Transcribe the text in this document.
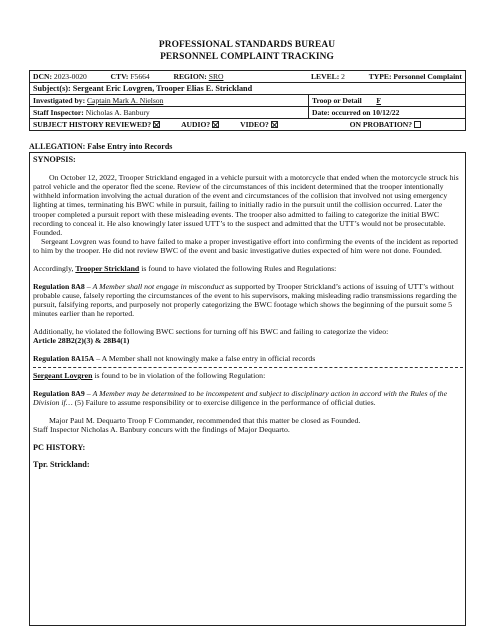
PROFESSIONAL STANDARDS BUREAU
PERSONNEL COMPLAINT TRACKING
DCN: 2023-0020 CTV: F5664 REGION: SRO LEVEL: 2 TYPE: Personnel Complaint	

Subject(s): Sergeant Eric Lovgren, Trooper Elias E. Strickland	
Investigated by: Captain Mark A. Nielson	Troop or Detail F
Staff Inspector: Nicholas A. Banbury	Date: occurred on 10/12/22

SUBJECT HISTORY REVIEWED? AUDIO? VIDEO? ON PROBATION?	
ALLEGATION: False Entry into Records

SYNOPSIS:

On October 12, 2022, Trooper Strickland engaged in a vehicle pursuit with a motorcycle that ended when the motorcycle struck his patrol vehicle and the operator fled the scene. Review of the circumstances of this incident determined that the trooper intentionally withheld information involving the actual duration of the event and circumstances of the collision that involved not using emergency lighting at times, terminating his BWC while in pursuit, failing to initially radio in the pursuit until the collision occurred. Later the trooper completed a pursuit report with these misleading events. The trooper also admitted to failing to categorize the initial BWC recording to conceal it. He also knowingly later issued UTT’s to the suspect and admitted that the UTT’s would not be prosecutable. Founded.

Sergeant Lovgren was found to have failed to make a proper investigative effort into confirming the events of the incident as reported to him by the trooper. He did not review BWC of the event and basic investigative duties expected of him were not done. Founded.

Accordingly, Trooper Strickland is found to have violated the following Rules and Regulations:

Regulation 8A8 – A Member shall not engage in misconduct as supported by Trooper Strickland’s actions of issuing of UTT’s without probable cause, falsely reporting the circumstances of the event to his supervisors, making misleading radio transmissions regarding the pursuit, falsifying reports, and purposely not properly categorizing the BWC footage which shows the beginning of the pursuit some 5 minutes earlier than he reported.

Additionally, he violated the following BWC sections for turning off his BWC and failing to categorize the video:

Article 28B2(2)(3) & 28B4(1)

Regulation 8A15A – A Member shall not knowingly make a false entry in official records

Sergeant Lovgren is found to be in violation of the following Regulation:

Regulation 8A9 – A Member may be determined to be incompetent and subject to disciplinary action in accord with the Rules of the Division if… (5) Failure to assume responsibility or to exercise diligence in the performance of official duties.

Major Paul M. Dequarto Troop F Commander, recommended that this matter be closed as Founded.

Staff Inspector Nicholas A. Banbury concurs with the findings of Major Dequarto.

PC HISTORY:

Tpr. Strickland:
